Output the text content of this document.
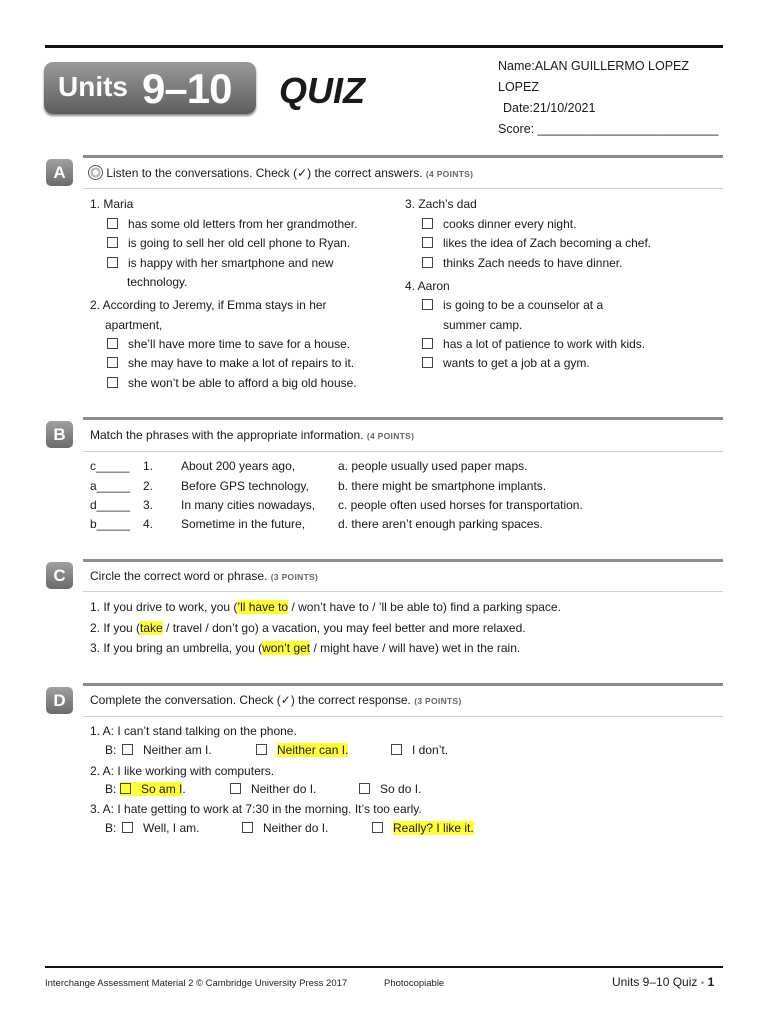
Units 9–10 QUIZ
Name:ALAN GUILLERMO LOPEZ
LOPEZ
Date:21/10/2021
Score: __________________________
A	Listen to the conversations. Check (✓) the correct answers. (4 POINTS)
1. Maria
has some old letters from her grandmother.
is going to sell her old cell phone to Ryan.
is happy with her smartphone and new
technology.
2. According to Jeremy, if Emma stays in her
apartment,
she’ll have more time to save for a house.
she may have to make a lot of repairs to it.
she won’t be able to afford a big old house.
3. Zach’s dad
cooks dinner every night.
likes the idea of Zach becoming a chef.
thinks Zach needs to have dinner.
4. Aaron
is going to be a counselor at a
summer camp.
has a lot of patience to work with kids.
wants to get a job at a gym.
B	Match the phrases with the appropriate information. (4 POINTS)
c_____ 1. About 200 years ago,	a. people usually used paper maps.
a_____ 2. Before GPS technology, b. there might be smartphone implants.
d_____ 3. In many cities nowadays, c. people often used horses for transportation.
b_____ 4. Sometime in the future,	d. there aren’t enough parking spaces.
C	Circle the correct word or phrase. (3 POINTS)
1. If you drive to work, you (’ll have to / won’t have to / ’ll be able to) find a parking space.
2. If you (take / travel / don’t go) a vacation, you may feel better and more relaxed.
3. If you bring an umbrella, you (won’t get / might have / will have) wet in the rain.
D	Complete the conversation. Check (✓) the correct response. (3 POINTS)
1. A: I can’t stand talking on the phone.
B:	Neither am I.	Neither can I.	I don’t.
2. A: I like working with computers.
B:	So am I.	Neither do I.	So do I.
3. A: I hate getting to work at 7:30 in the morning. It’s too early.
B:	Well, I am.	Neither do I.	Really? I like it.
Interchange Assessment Material 2 © Cambridge University Press 2017	Photocopiable	Units 9–10 Quiz • 1
